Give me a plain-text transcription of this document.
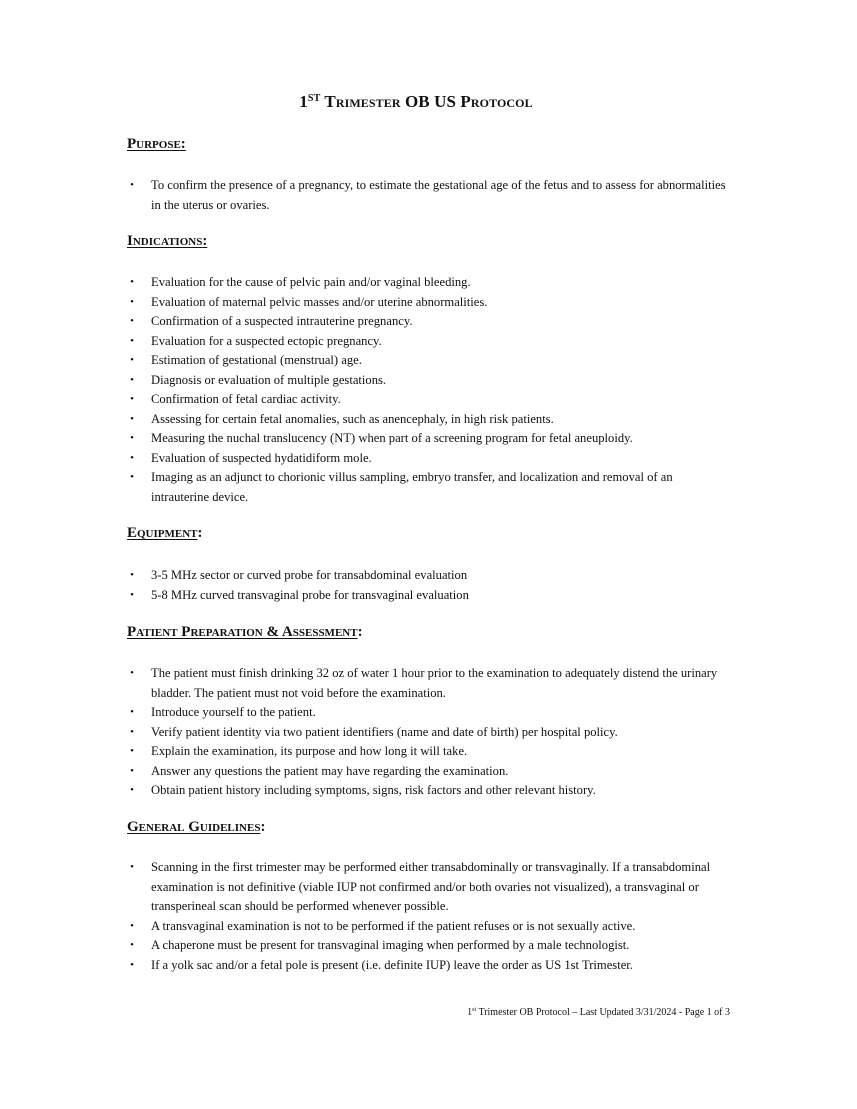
1ST Trimester OB US Protocol
Purpose:
• To confirm the presence of a pregnancy, to estimate the gestational age of the fetus and to assess for abnormalities in the uterus or ovaries.
Indications:
• Evaluation for the cause of pelvic pain and/or vaginal bleeding.
• Evaluation of maternal pelvic masses and/or uterine abnormalities.
• Confirmation of a suspected intrauterine pregnancy.
• Evaluation for a suspected ectopic pregnancy.
• Estimation of gestational (menstrual) age.
• Diagnosis or evaluation of multiple gestations.
• Confirmation of fetal cardiac activity.
• Assessing for certain fetal anomalies, such as anencephaly, in high risk patients.
• Measuring the nuchal translucency (NT) when part of a screening program for fetal aneuploidy.
• Evaluation of suspected hydatidiform mole.
• Imaging as an adjunct to chorionic villus sampling, embryo transfer, and localization and removal of an intrauterine device.
Equipment:
• 3-5 MHz sector or curved probe for transabdominal evaluation
• 5-8 MHz curved transvaginal probe for transvaginal evaluation
Patient Preparation & Assessment:
• The patient must finish drinking 32 oz of water 1 hour prior to the examination to adequately distend the urinary bladder. The patient must not void before the examination.
• Introduce yourself to the patient.
• Verify patient identity via two patient identifiers (name and date of birth) per hospital policy.
• Explain the examination, its purpose and how long it will take.
• Answer any questions the patient may have regarding the examination.
• Obtain patient history including symptoms, signs, risk factors and other relevant history.
General Guidelines:
• Scanning in the first trimester may be performed either transabdominally or transvaginally. If a transabdominal examination is not definitive (viable IUP not confirmed and/or both ovaries not visualized), a transvaginal or transperineal scan should be performed whenever possible.
• A transvaginal examination is not to be performed if the patient refuses or is not sexually active.
• A chaperone must be present for transvaginal imaging when performed by a male technologist.
• If a yolk sac and/or a fetal pole is present (i.e. definite IUP) leave the order as US 1st Trimester.
1st Trimester OB Protocol – Last Updated 3/31/2024 - Page 1 of 3
